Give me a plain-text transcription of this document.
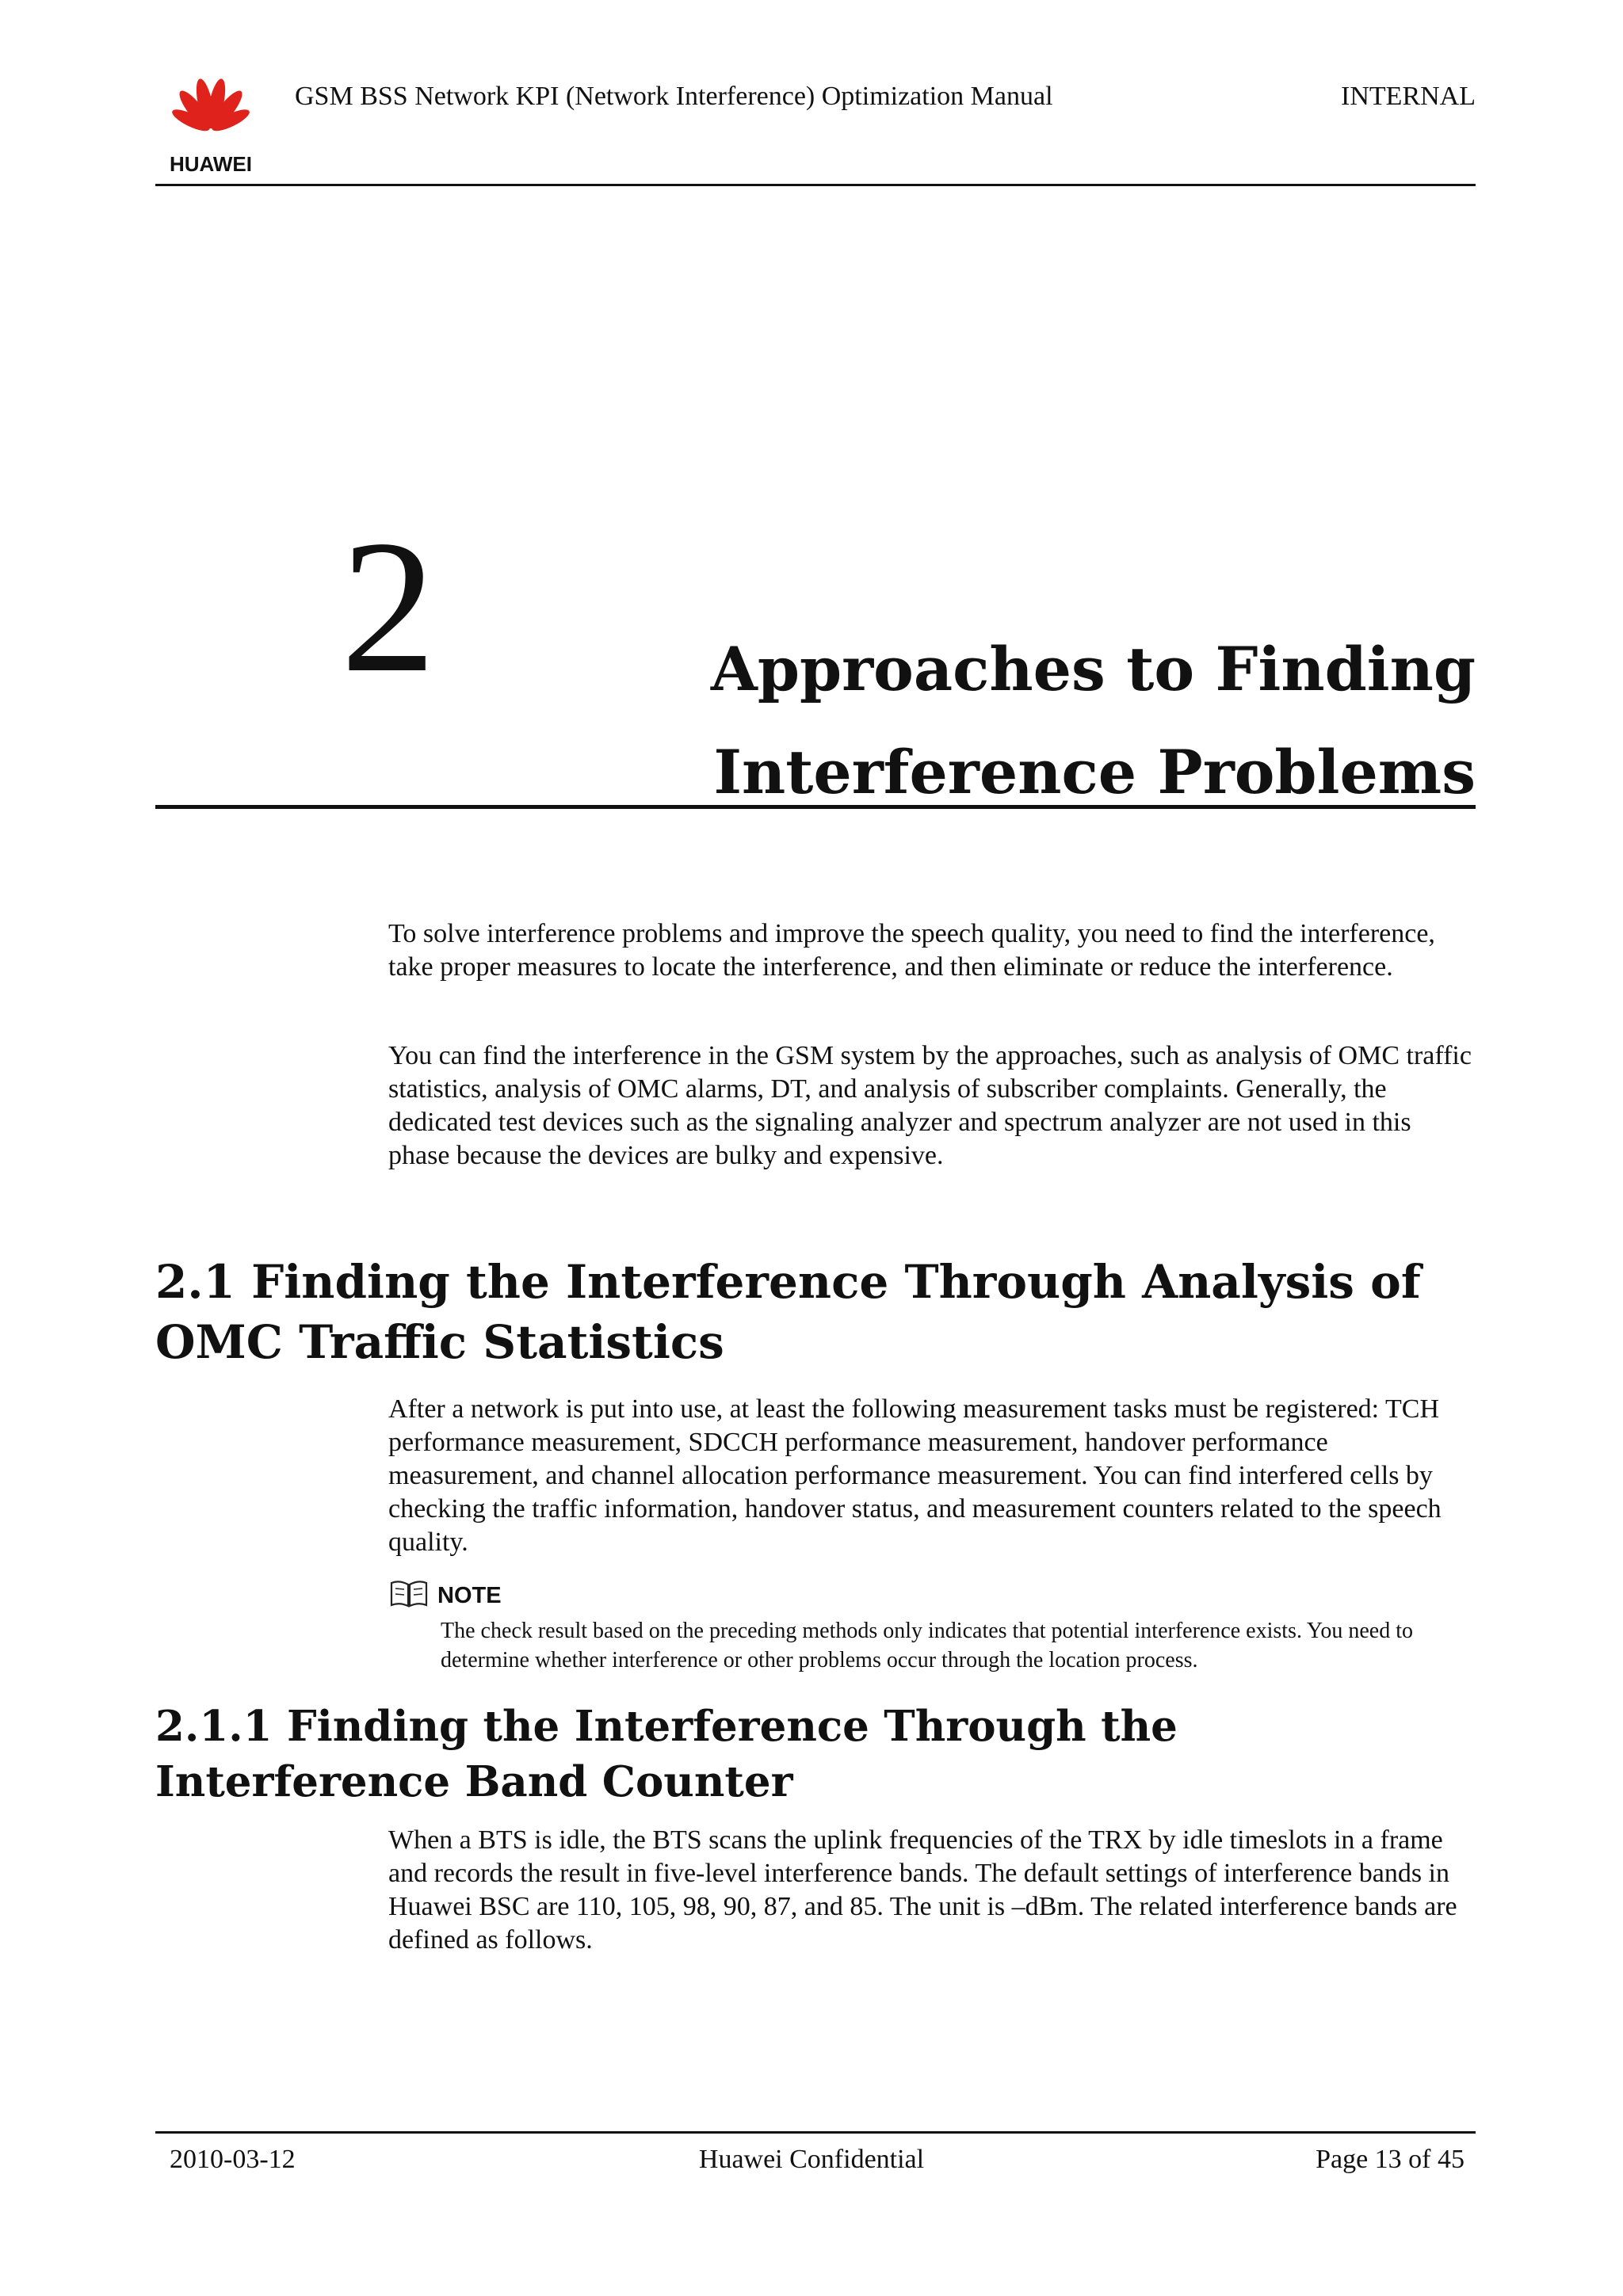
HUAWEI
GSM BSS Network KPI (Network Interference) Optimization Manual	INTERNAL
2	Approaches to Finding Interference Problems

To solve interference problems and improve the speech quality, you need to find the interference, take proper measures to locate the interference, and then eliminate or reduce the interference.

You can find the interference in the GSM system by the approaches, such as analysis of OMC traffic statistics, analysis of OMC alarms, DT, and analysis of subscriber complaints. Generally, the dedicated test devices such as the signaling analyzer and spectrum analyzer are not used in this phase because the devices are bulky and expensive.

2.1 Finding the Interference Through Analysis of OMC Traffic Statistics

After a network is put into use, at least the following measurement tasks must be registered: TCH performance measurement, SDCCH performance measurement, handover performance measurement, and channel allocation performance measurement. You can find interfered cells by checking the traffic information, handover status, and measurement counters related to the speech quality.

NOTE

The check result based on the preceding methods only indicates that potential interference exists. You need to determine whether interference or other problems occur through the location process.

2.1.1 Finding the Interference Through the Interference Band Counter

When a BTS is idle, the BTS scans the uplink frequencies of the TRX by idle timeslots in a frame and records the result in five-level interference bands. The default settings of interference bands in Huawei BSC are 110, 105, 98, 90, 87, and 85. The unit is –dBm. The related interference bands are defined as follows.

2010-03-12	Huawei Confidential	Page 13 of 45
